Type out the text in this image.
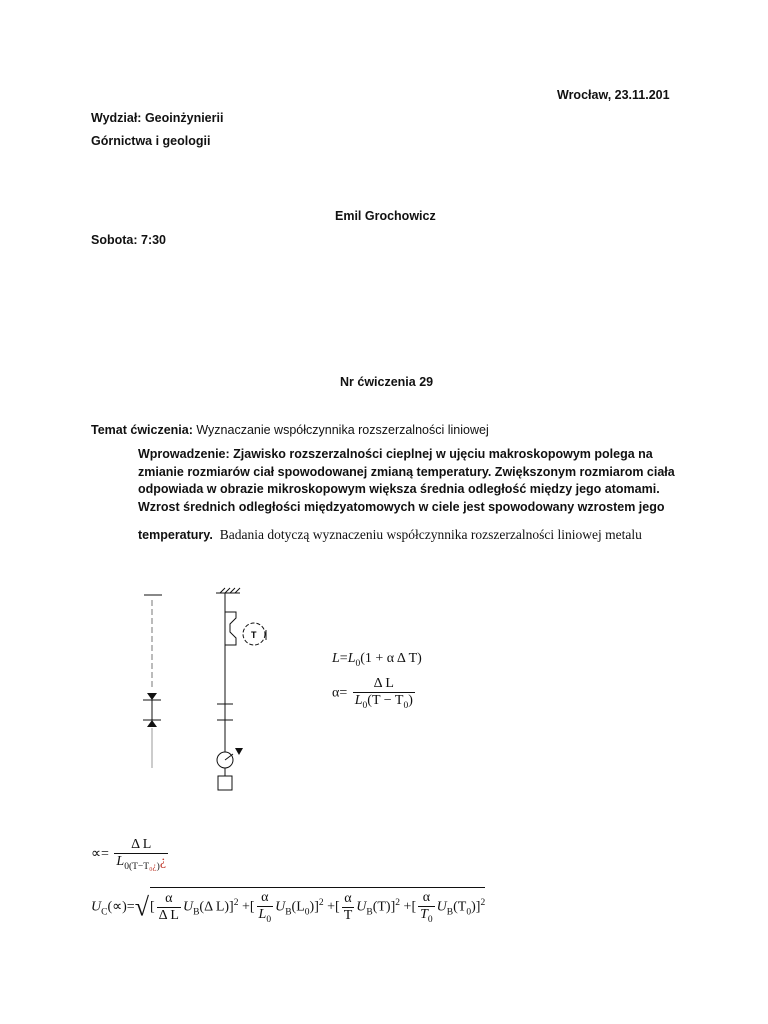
Wrocław, 23.11.201
Wydział: Geoinżynierii
Górnictwa i geologii
Emil Grochowicz
Sobota: 7:30
Nr ćwiczenia 29
Temat ćwiczenia: Wyznaczanie współczynnika rozszerzalności liniowej
Wprowadzenie: Zjawisko rozszerzalności cieplnej w ujęciu makroskopowym polega na
zmianie rozmiarów ciał spowodowanej zmianą temperatury. Zwiększonym rozmiarom ciała
odpowiada w obrazie mikroskopowym większa średnia odległość między jego atomami.
Wzrost średnich odległości międzyatomowych w ciele jest spowodowany wzrostem jego
temperatury. Badania dotyczą wyznaczeniu współczynnika rozszerzalności liniowej metalu
T
$L=L_0(1 + \alpha$ Δ T)
$\alpha= \frac{\text{Δ L}}{L_0(T - T_0)}$
∝= $\frac{\text{Δ L}}{L_{0(T-T_0¿)}¿}$
$U_C(\propto)=√[ \frac{\alpha}{\text{Δ L}} U_B(\Delta$ L)]$^2$ +[ $\frac{\alpha}{L_0} U_B(L_0)]^2$ +[ $\frac{\alpha}{T} U_B(T)]^2$ +[ $\frac{\alpha}{T_0} U_B(T_0)]^2$
